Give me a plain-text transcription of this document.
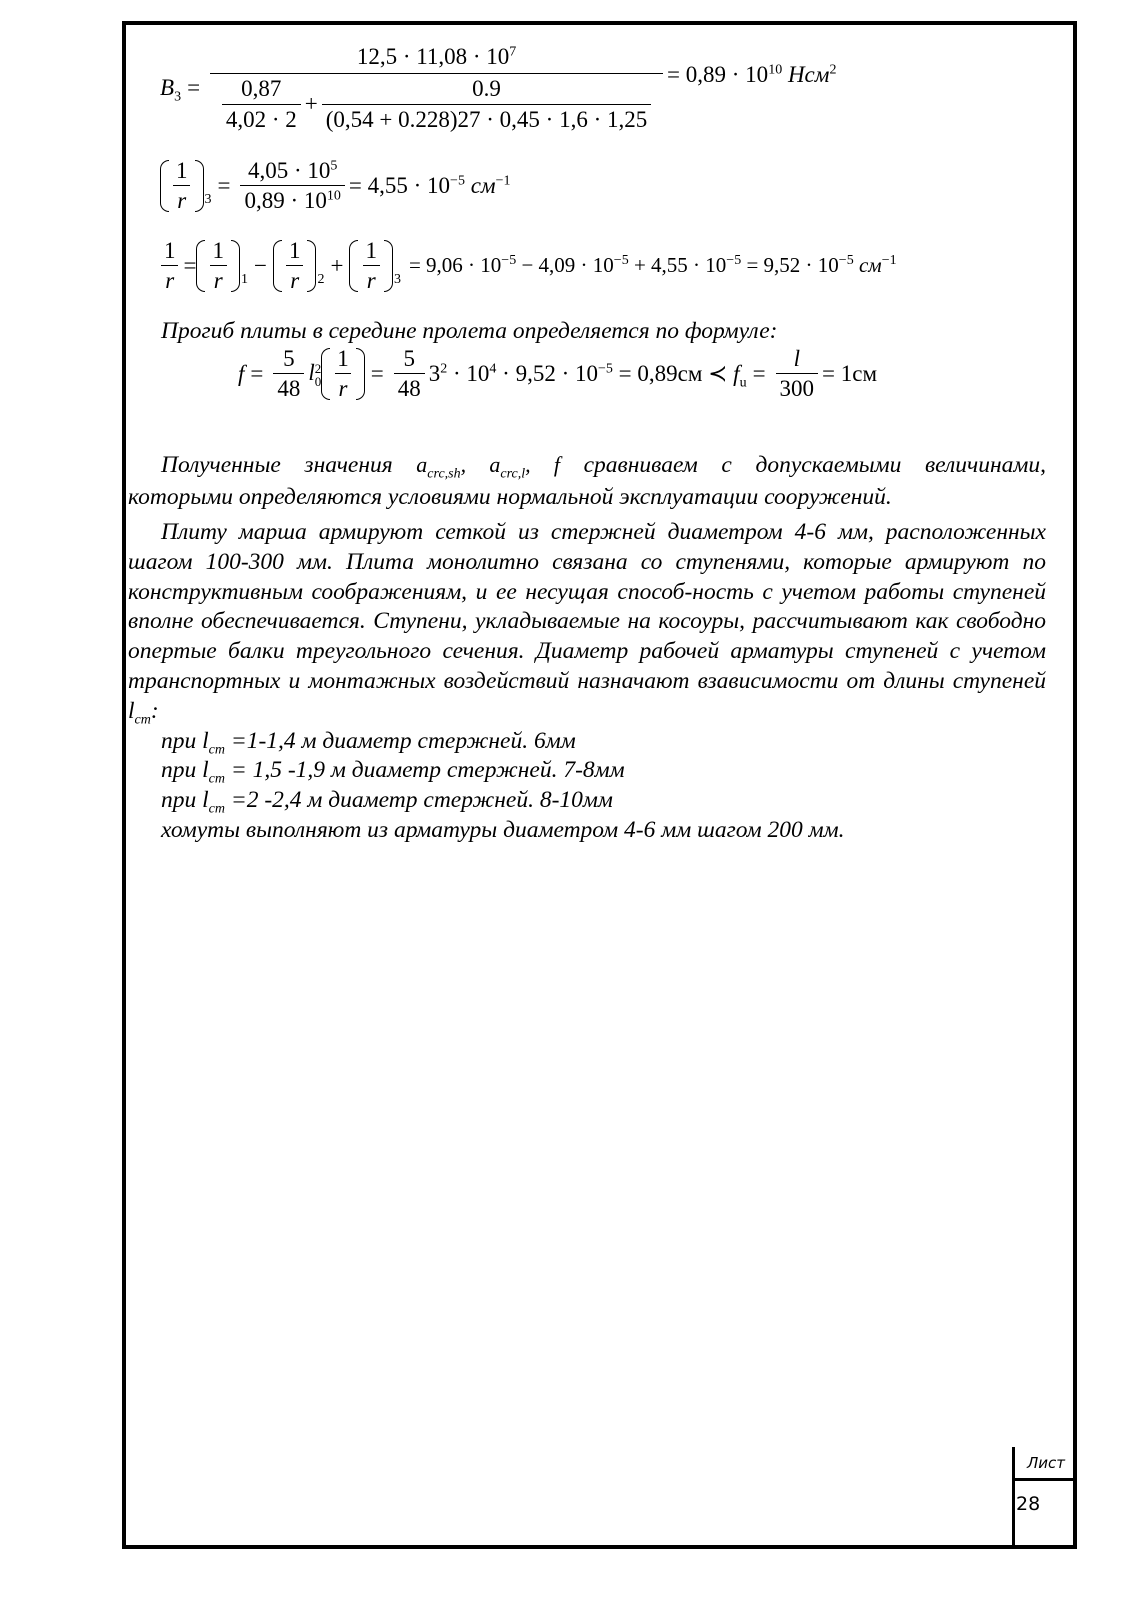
$B_3$ =
$12,5 \cdot 11,08 \cdot 10^7$
$\frac{0,87}{4,02 \cdot 2} + \frac{0.9}{(0,54 + 0.228)27 \cdot 0,45 \cdot 1,6 \cdot 1,25}$
= $0,89 \cdot 10^{10}$ Нсм$^2$
$\frac{1}{r} 3$
= $\frac{4,05 \cdot 10^5}{0,89 \cdot 10^{10}} = 4,55 \cdot 10^{-5}$ $см^{-1}$
$\frac{1}{r} = \frac{1}{r} 1$
− $\frac{1}{r} 2$
+ $\frac{1}{r} 3$
= $9,06 \cdot 10^{-5} - 4,09 \cdot 10^{-5} + 4,55 \cdot 10^{-5} = 9,52 \cdot 10^{-5}$ $см^{-1}$
Прогиб плиты в середине пролета определяется по формуле:
$f = \frac{5}{48}$ l 2
$0 \frac{1}{r} = \frac{5}{48} 3^2 \cdot 10^4 \cdot 9,52 \cdot 10^{-5} = 0,89см$ ≺ $f_u = \frac{l}{300} = 1см$

Полученные значения $a_{crc,sh}$, $a_{crc,l}$, f сравниваем с допускаемыми величинами,

которыми определяются условиями нормальной эксплуатации сооружений.

Плиту марша армируют сеткой из стержней диаметром 4-6 мм, расположенных шагом 100-300 мм. Плита монолитно связана со ступенями, которые армируют по конструктивным соображениям, и ее несущая способ-ность с учетом работы ступеней вполне обеспечивается. Ступени, укладываемые на косоуры, рассчитывают как свободно опертые балки треугольного сечения. Диаметр рабочей арматуры ступеней с учетом транспортных и монтажных воздействий назначают взависимости от длины ступеней $l_{cm}$:

при $l_{cm} =1-1,4$ м диаметр стержней. 6мм

при $l_{cm} = 1,5$ -1,9 м диаметр стержней. 7-8мм

при $l_{cm} =2$ -2,4 м диаметр стержней. 8-10мм

хомуты выполняют из арматуры диаметром 4-6 мм шагом 200 мм.

Лист
28
